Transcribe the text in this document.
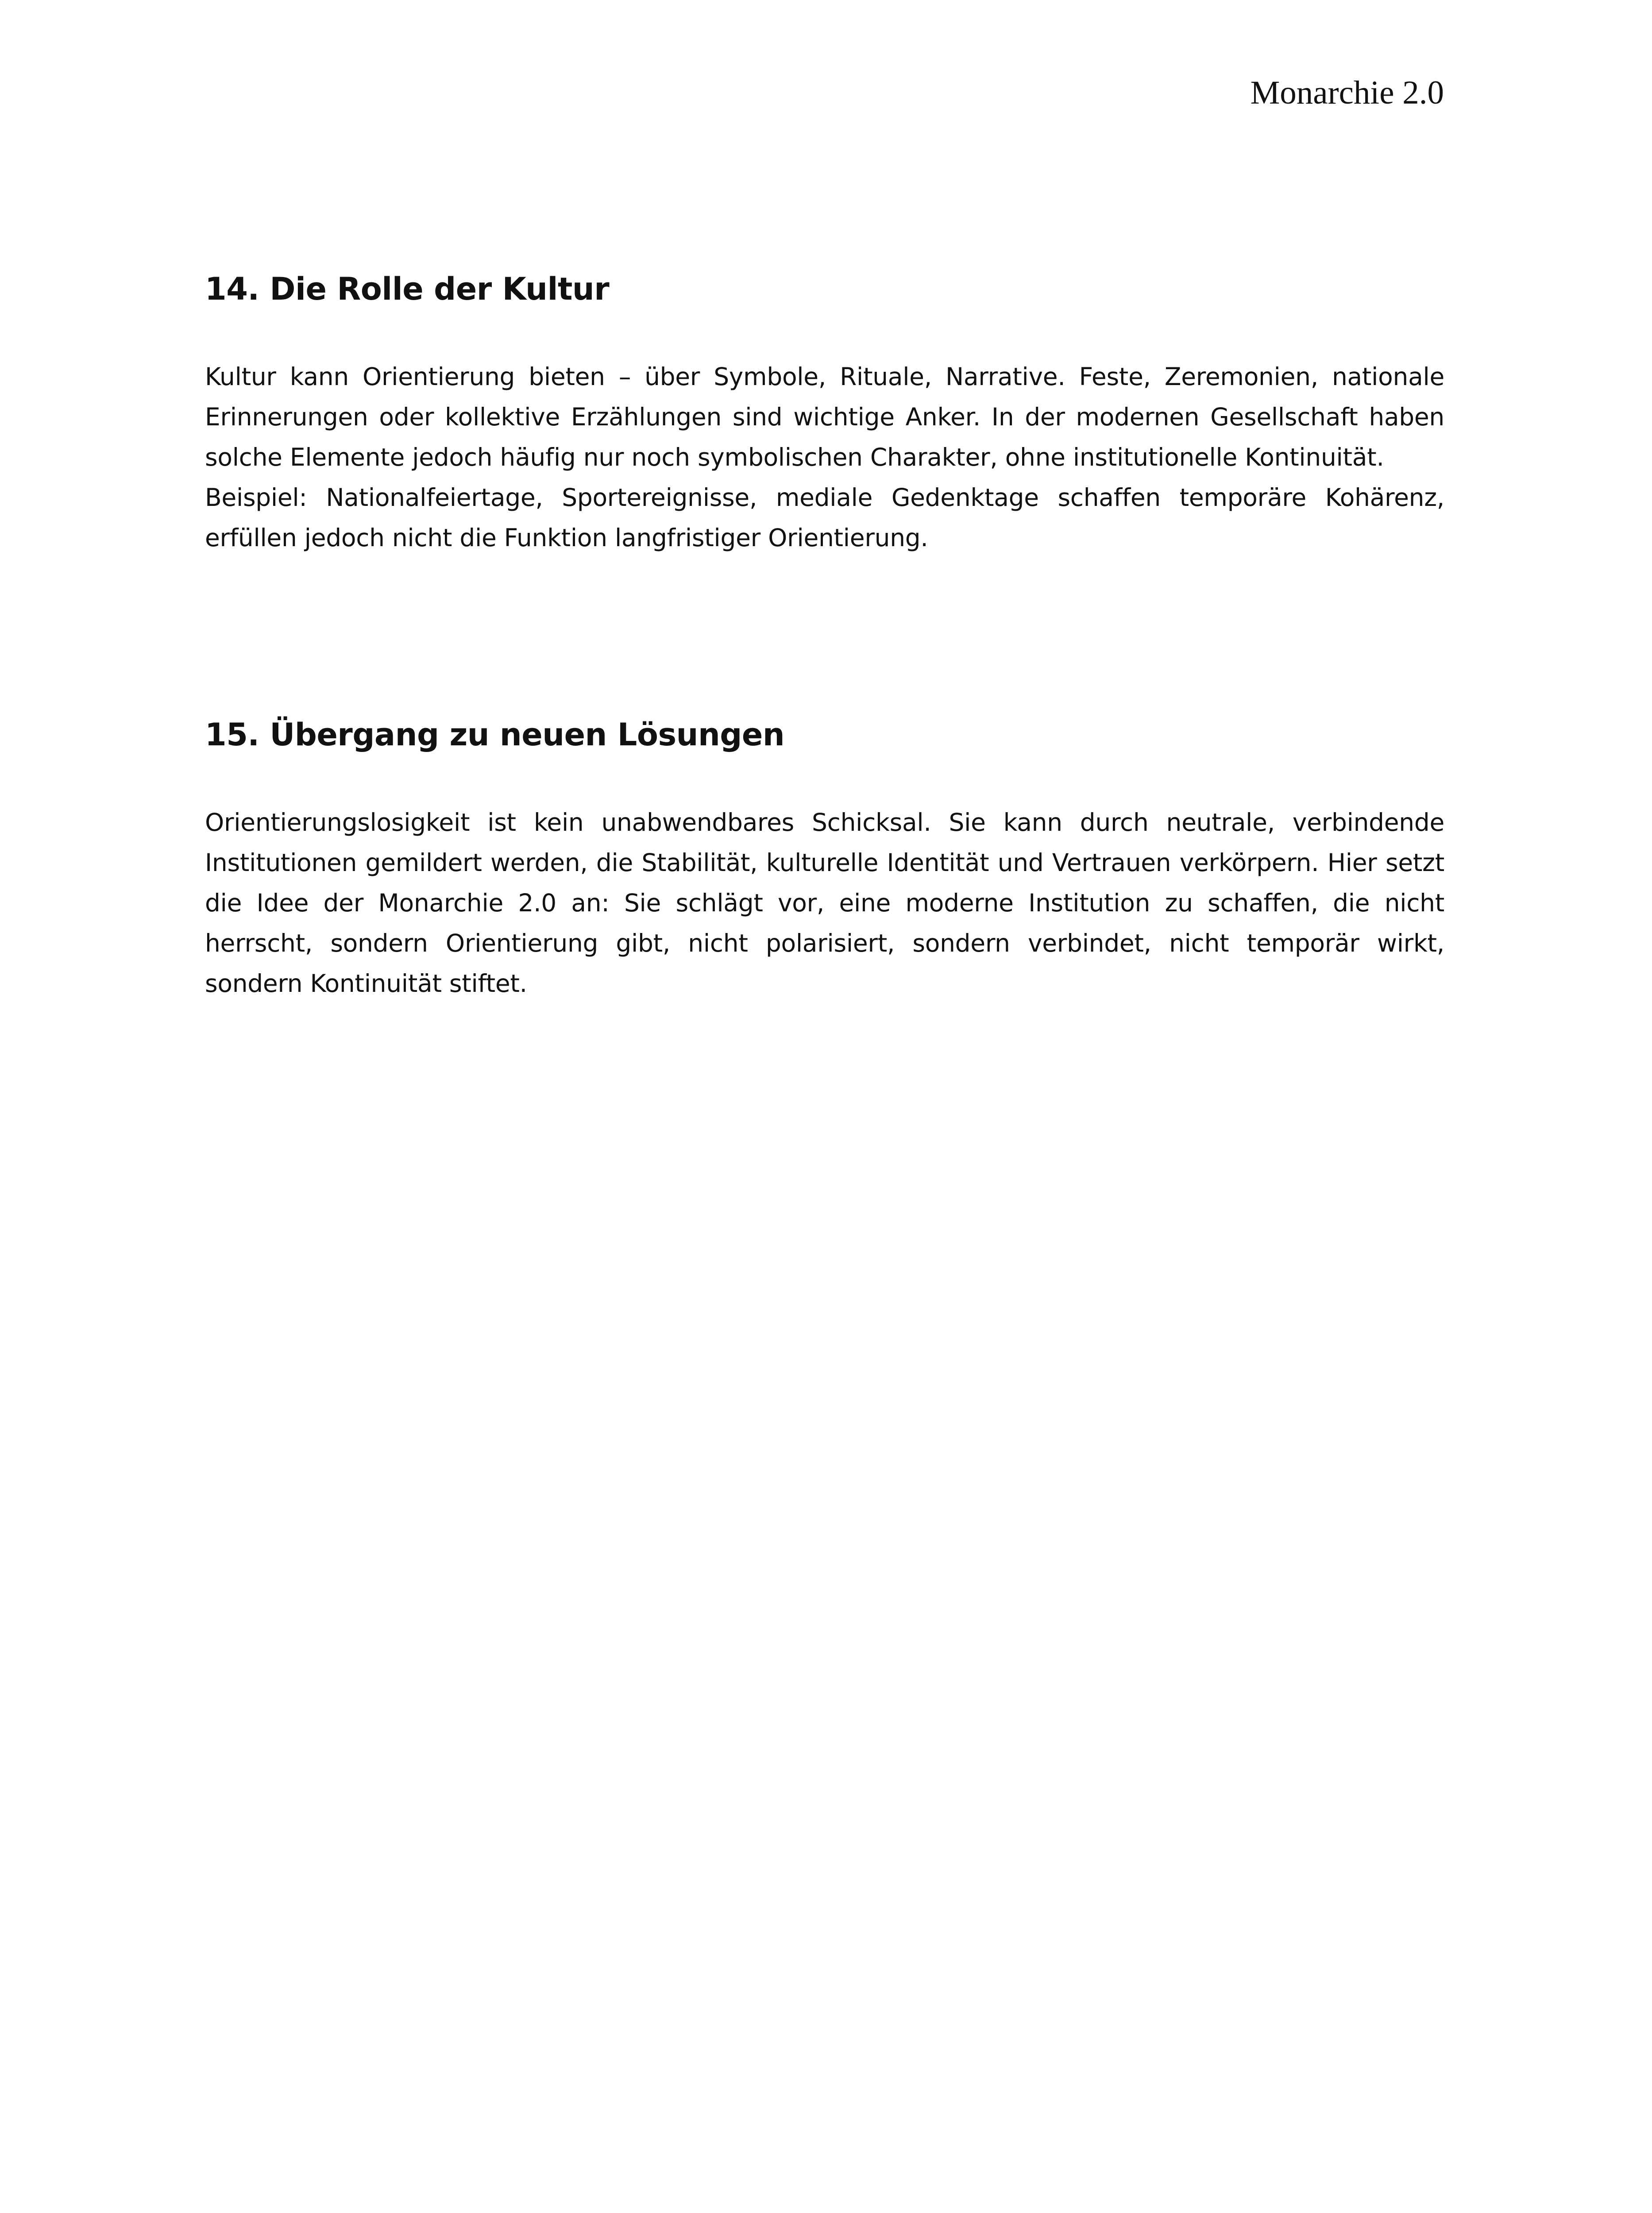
Monarchie 2.0

14. Die Rolle der Kultur

Kultur kann Orientierung bieten – über Symbole, Rituale, Narrative. Feste, Zeremonien, nationale Erinnerungen oder kollektive Erzählungen sind wichtige Anker. In der modernen Gesellschaft haben solche Elemente jedoch häufig nur noch symbolischen Charakter, ohne institutionelle Kontinuität.

Beispiel: Nationalfeiertage, Sportereignisse, mediale Gedenktage schaffen temporäre Kohärenz, erfüllen jedoch nicht die Funktion langfristiger Orientierung.

15. Übergang zu neuen Lösungen

Orientierungslosigkeit ist kein unabwendbares Schicksal. Sie kann durch neutrale, verbindende Institutionen gemildert werden, die Stabilität, kulturelle Identität und Vertrauen verkörpern. Hier setzt die Idee der Monarchie 2.0 an: Sie schlägt vor, eine moderne Institution zu schaffen, die nicht herrscht, sondern Orientierung gibt, nicht polarisiert, sondern verbindet, nicht temporär wirkt, sondern Kontinuität stiftet.
